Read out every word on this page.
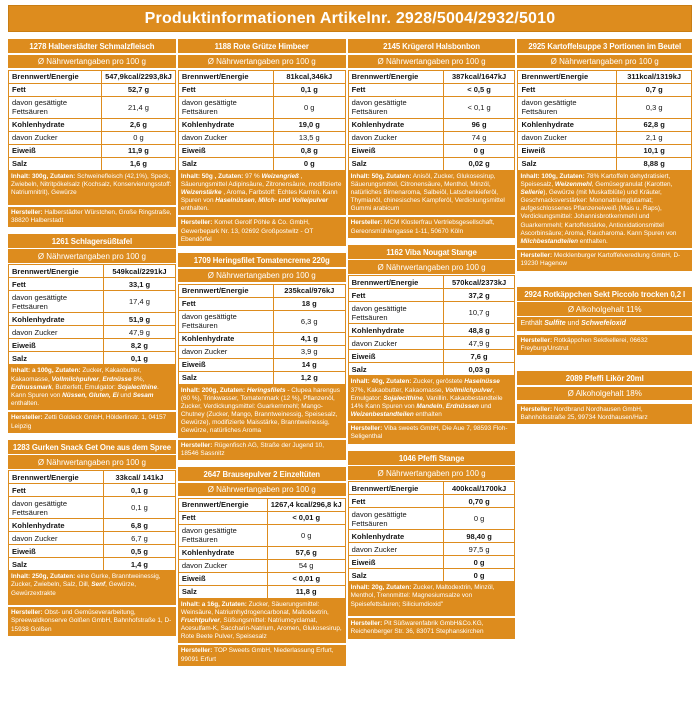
Produktinformationen Artikelnr. 2928/5004/2932/5010
1278 Halberstädter Schmalzfleisch
Ø Nährwertangaben pro 100 g
Brennwert/Energie	547,9kcal/2293,8kJ
Fett	52,7 g
davon gesättigte Fettsäuren	21,4 g
Kohlenhydrate	2,6 g
davon Zucker	0 g
Eiweiß	11,9 g
Salz	1,6 g
Inhalt: 300g, Zutaten: Schweinefleisch (42,1%), Speck, Zwiebeln, Nitritpökelsalz (Kochsalz, Konservierungsstoff: Natriumnitrit), Gewürze
Hersteller: Halberstädter Würstchen, Große Ringstraße, 38820 Halberstadt
1261 Schlagersüßtafel
Ø Nährwertangaben pro 100 g
Brennwert/Energie	549kcal/2291kJ
Fett	33,1 g
davon gesättigte Fettsäuren	17,4 g
Kohlenhydrate	51,9 g
davon Zucker	47,9 g
Eiweiß	8,2 g
Salz	0,1 g
Inhalt: a 100g, Zutaten: Zucker, Kakaobutter, Kakaomasse, Vollmilchpulver, Erdnüsse 8%, Erdnussmark, Butterfett, Emulgator: Sojalecithine. Kann Spuren von Nüssen, Gluten, Ei und Sesam enthalten.
Hersteller: Zetti Goldeck GmbH, Hölderlinstr. 1, 04157 Leipzig
1283 Gurken Snack Get One aus dem Spree
Ø Nährwertangaben pro 100 g
Brennwert/Energie	33kcal/ 141kJ
Fett	0,1 g
davon gesättigte Fettsäuren	0,1 g
Kohlenhydrate	6,8 g
davon Zucker	6,7 g
Eiweiß	0,5 g
Salz	1,4 g
Inhalt: 250g, Zutaten: eine Gurke, Branntweinessig, Zucker, Zwiebeln, Salz, Dill, Senf, Gewürze, Gewürzextrakte
Hersteller: Obst- und Gemüseverarbeitung, Spreewaldkonserve Golßen GmbH, Bahnhofstraße 1, D-15938 Golßen
1188 Rote Grütze Himbeer
Ø Nährwertangaben pro 100 g
Brennwert/Energie	81kcal,346kJ
Fett	0,1 g
davon gesättigte Fettsäuren	0 g
Kohlenhydrate	19,0 g
davon Zucker	13,5 g
Eiweiß	0,8 g
Salz	0 g
Inhalt: 50g , Zutaten: 97 % Weizengrieß , Säuerungsmittel Adipinsäure, Zitronensäure, modifizierte Weizenstärke , Aroma, Farbstoff: Echtes Karmin. Kann Spuren von Haselnüssen, Milch- und Volleipulver enthalten.
Hersteller: Komet Gerolf Pöhle & Co. GmbH, Gewerbepark Nr. 13, 02692 Großpostwitz - OT Ebendörfel
1709 Heringsfilet Tomatencreme 220g
Ø Nährwertangaben pro 100 g
Brennwert/Energie	235kcal/976kJ
Fett	18 g
davon gesättigte Fettsäuren	6,3 g
Kohlenhydrate	4,1 g
davon Zucker	3,9 g
Eiweiß	14 g
Salz	1,2 g
Inhalt: 200g, Zutaten: Heringsfilets - Clupea harengus (60 %), Trinkwasser, Tomatenmark (12 %), Pflanzenöl, Zucker, Verdickungsmittel: Guarkernmehl; Mango-Chutney (Zucker, Mango, Branntweinessig, Speisesalz, Gewürze), modifizierte Maisstärke, Branntweinessig, Gewürze, natürliches Aroma
Hersteller: Rügenfisch AG, Straße der Jugend 10, 18546 Sassnitz
2647 Brausepulver 2 Einzeltüten
Ø Nährwertangaben pro 100 g
Brennwert/Energie	1267,4 kcal/296,8 kJ
Fett	< 0,01 g
davon gesättigte Fettsäuren	0 g
Kohlenhydrate	57,6 g
davon Zucker	54 g
Eiweiß	< 0,01 g
Salz	11,8 g
Inhalt: a 16g, Zutaten: Zucker, Säuerungsmittel: Weinsäure, Natriumhydrogencarbonat, Maltodextrin, Fruchtpulver, Süßungsmittel: Natriumcyclamat, Acesulfam-K, Saccharin-Natrium, Aromen, Glukosesirup, Rote Beete Pulver, Speisesalz
Hersteller: TOP Sweets GmbH, Niederlassung Erfurt, 99091 Erfurt
2145 Krügerol Halsbonbon
Ø Nährwertangaben pro 100 g
Brennwert/Energie	387kcal/1647kJ
Fett	< 0,5 g
davon gesättigte Fettsäuren	< 0,1 g
Kohlenhydrate	96 g
davon Zucker	74 g
Eiweiß	0 g
Salz	0,02 g
Inhalt: 50g, Zutaten: Anisöl, Zucker, Glukosesirup, Säuerungsmittel, Citronensäure, Menthol, Minzöl, natürliches Birnenaroma, Salbeiöl, Latschenkieferöl, Thymianöl, chinesisches Kampferöl, Verdickungsmittel Gummi arabicum
Hersteller: MCM Klosterfrau Vertriebsgesellschaft, Gereonsmühlengasse 1-11, 50670 Köln
1162 Viba Nougat Stange
Ø Nährwertangaben pro 100 g
Brennwert/Energie	570kcal/2373kJ
Fett	37,2 g
davon gesättigte Fettsäuren	10,7 g
Kohlenhydrate	48,8 g
davon Zucker	47,9 g
Eiweiß	7,6 g
Salz	0,03 g
Inhalt: 40g, Zutaten: Zucker, geröstete Haselnüsse 37%, Kakaobutter, Kakaomasse, Vollmilchpulver, Emulgator: Sojalecithine, Vanillin. Kakaobestandteile 14% Kann Spuren von Mandeln, Erdnüssen und Weizenbestandteilen enthalten
Hersteller: Viba sweets GmbH, Die Aue 7, 98593 Floh-Seligenthal
1046 Pfeffi Stange
Ø Nährwertangaben pro 100 g
Brennwert/Energie	400kcal/1700kJ
Fett	0,70 g
davon gesättigte Fettsäuren	0 g
Kohlenhydrate	98,40 g
davon Zucker	97,5 g
Eiweiß	0 g
Salz	0 g
Inhalt: 20g, Zutaten: Zucker, Maltodextrin, Minzöl, Menthol, Trennmittel: Magnesiumsalze von Speisefettsäuren; Siliciumdioxid"
Hersteller: Pit Süßwarenfabrik GmbH&Co.KG, Reichenberger Str. 36, 83071 Stephanskirchen
2925 Kartoffelsuppe 3 Portionen im Beutel
Ø Nährwertangaben pro 100 g
Brennwert/Energie	311kcal/1319kJ
Fett	0,7 g
davon gesättigte Fettsäuren	0,3 g
Kohlenhydrate	62,8 g
davon Zucker	2,1 g
Eiweiß	10,1 g
Salz	8,88 g
Inhalt: 100g, Zutaten: 78% Kartoffeln dehydratisiert, Speisesalz, Weizenmehl, Gemüsegranulat (Karotten, Sellerie), Gewürze (mit Muskatblüte) und Kräuter, Geschmacksverstärker: Mononatriumglutamat; aufgeschlossenes Pflanzeneiweiß (Mais u. Raps), Verdickungsmittel: Johannisbrotkernmehl und Guarkernmehl; Kartoffelstärke, Antioxidationsmittel Ascorbinsäure; Aroma, Raucharoma. Kann Spuren von Milchbestandteilen enthalten.
Hersteller: Mecklenburger Kartoffelveredlung GmbH, D-19230 Hagenow
2924 Rotkäppchen Sekt Piccolo trocken 0,2 l
Ø Alkoholgehalt 11%
Enthält Sulfite und Schwefeloxid
Hersteller: Rotkäppchen Sektkellerei, 06632 Freyburg/Unstrut
2089 Pfeffi Likör 20ml
Ø Alkoholgehalt 18%
Hersteller: Nordbrand Nordhausen GmbH, Bahnhofsstraße 25, 99734 Nordhausen/Harz
